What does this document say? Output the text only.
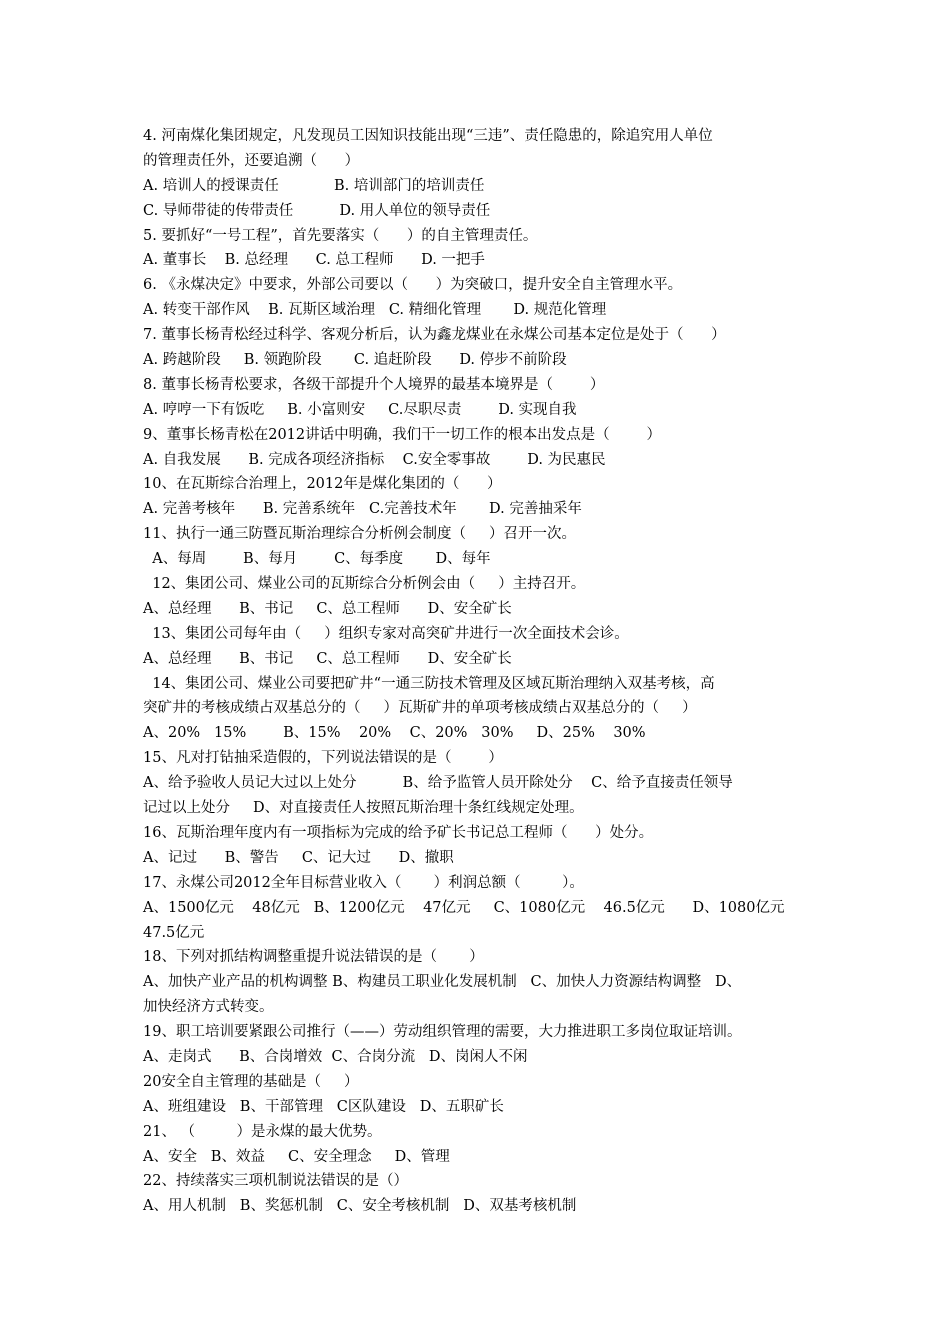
4. 河南煤化集团规定，凡发现员工因知识技能出现“三违”、责任隐患的，除追究用人单位
的管理责任外，还要追溯（      ）
A. 培训人的授课责任            B. 培训部门的培训责任
C. 导师带徒的传带责任          D. 用人单位的领导责任
5. 要抓好“一号工程”，首先要落实（      ）的自主管理责任。
A. 董事长    B. 总经理      C. 总工程师      D. 一把手
6. 《永煤决定》中要求，外部公司要以（      ）为突破口，提升安全自主管理水平。
A. 转变干部作风    B. 瓦斯区域治理   C. 精细化管理       D. 规范化管理
7. 董事长杨青松经过科学、客观分析后，认为鑫龙煤业在永煤公司基本定位是处于（      ）
A. 跨越阶段     B. 领跑阶段       C. 追赶阶段      D. 停步不前阶段
8. 董事长杨青松要求，各级干部提升个人境界的最基本境界是（        ）
A. 哼哼一下有饭吃     B. 小富则安     C.尽职尽责        D. 实现自我
9、董事长杨青松在2012讲话中明确，我们干一切工作的根本出发点是（        ）
A. 自我发展      B. 完成各项经济指标    C.安全零事故        D. 为民惠民
10、在瓦斯综合治理上，2012年是煤化集团的（      ）
A. 完善考核年      B. 完善系统年   C.完善技术年       D. 完善抽采年
11、执行一通三防暨瓦斯治理综合分析例会制度（     ）召开一次。
A、每周        B、每月        C、每季度       D、每年
12、集团公司、煤业公司的瓦斯综合分析例会由（     ）主持召开。
A、总经理      B、书记     C、总工程师      D、安全矿长
13、集团公司每年由（     ）组织专家对高突矿井进行一次全面技术会诊。
A、总经理      B、书记     C、总工程师      D、安全矿长
14、集团公司、煤业公司要把矿井“一通三防技术管理及区域瓦斯治理纳入双基考核，高
突矿井的考核成绩占双基总分的（     ）瓦斯矿井的单项考核成绩占双基总分的（     ）
A、20%   15%        B、15%    20%    C、20%   30%     D、25%    30%
15、凡对打钻抽采造假的，下列说法错误的是（        ）
A、给予验收人员记大过以上处分          B、给予监管人员开除处分    C、给予直接责任领导
记过以上处分     D、对直接责任人按照瓦斯治理十条红线规定处理。
16、瓦斯治理年度内有一项指标为完成的给予矿长书记总工程师（      ）处分。
A、记过      B、警告     C、记大过      D、撤职
17、永煤公司2012全年目标营业收入（       ）利润总额（         ）。
A、1500亿元    48亿元   B、1200亿元    47亿元     C、1080亿元    46.5亿元      D、1080亿元
47.5亿元
18、下列对抓结构调整重提升说法错误的是（       ）
A、加快产业产品的机构调整 B、构建员工职业化发展机制   C、加快人力资源结构调整   D、
加快经济方式转变。
19、职工培训要紧跟公司推行（——）劳动组织管理的需要，大力推进职工多岗位取证培训。
A、走岗式      B、合岗增效  C、合岗分流   D、岗闲人不闲
20安全自主管理的基础是（     ）
A、班组建设   B、干部管理   C区队建设   D、五职矿长
21、 （         ）是永煤的最大优势。
A、安全   B、效益     C、安全理念     D、管理
22、持续落实三项机制说法错误的是（）
A、用人机制   B、奖惩机制   C、安全考核机制   D、双基考核机制
